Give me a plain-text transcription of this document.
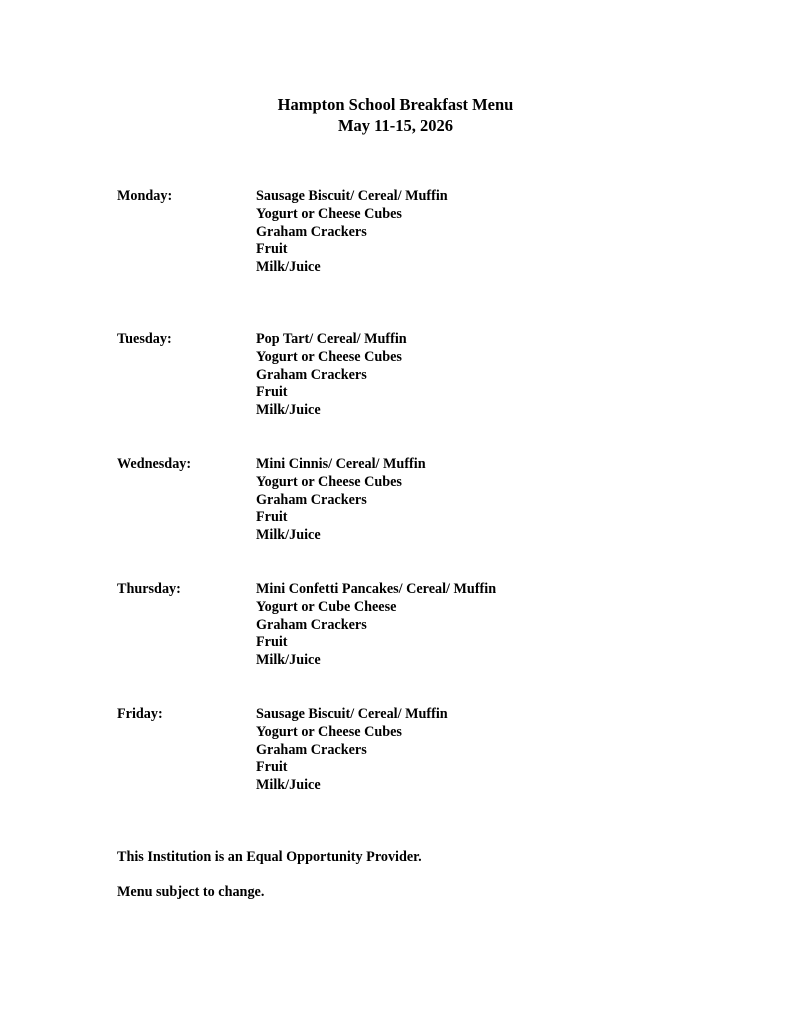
Hampton School Breakfast Menu
May 11-15, 2026
Monday:	Sausage Biscuit/ Cereal/ Muffin
Yogurt or Cheese Cubes
Graham Crackers
Fruit
Milk/Juice
Tuesday:	Pop Tart/ Cereal/ Muffin
Yogurt or Cheese Cubes
Graham Crackers
Fruit
Milk/Juice
Wednesday:	Mini Cinnis/ Cereal/ Muffin
Yogurt or Cheese Cubes
Graham Crackers
Fruit
Milk/Juice
Thursday:	Mini Confetti Pancakes/ Cereal/ Muffin
Yogurt or Cube Cheese
Graham Crackers
Fruit
Milk/Juice
Friday:	Sausage Biscuit/ Cereal/ Muffin
Yogurt or Cheese Cubes
Graham Crackers
Fruit
Milk/Juice
This Institution is an Equal Opportunity Provider.
Menu subject to change.
